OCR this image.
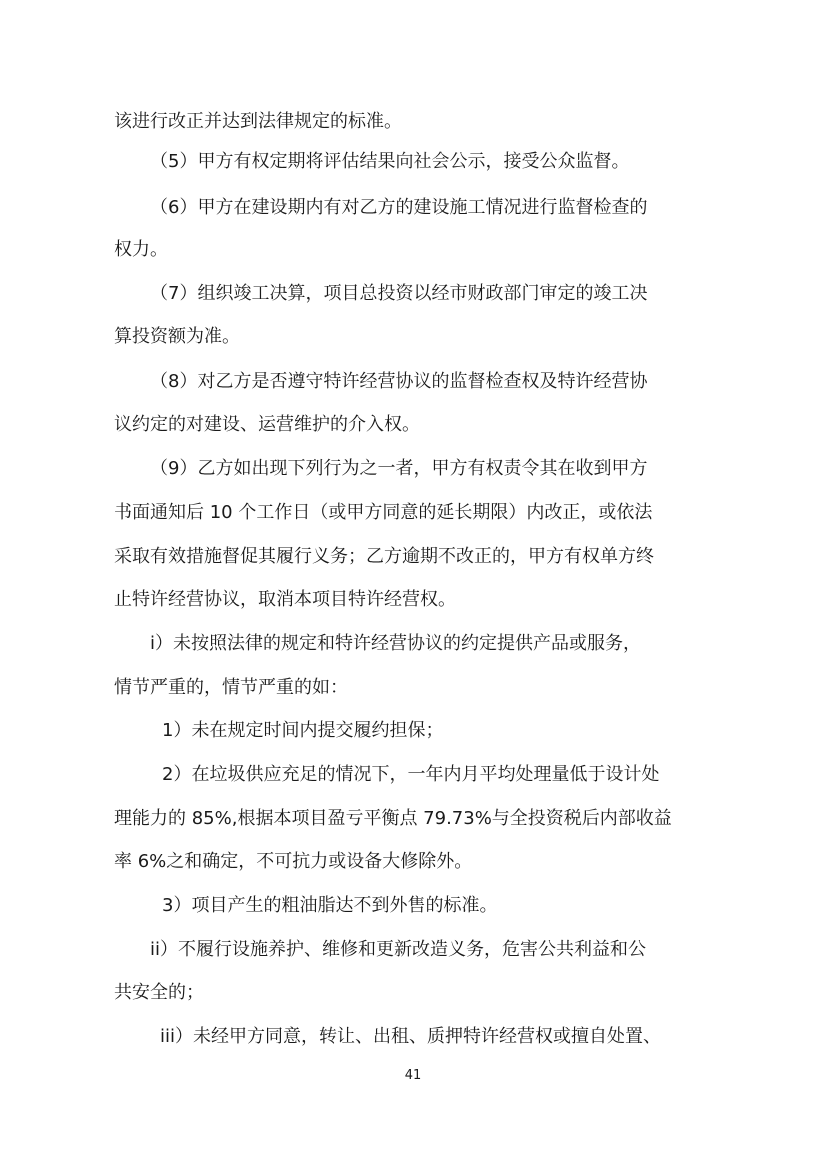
该进行改正并达到法律规定的标准。
（5）甲方有权定期将评估结果向社会公示，接受公众监督。
（6）甲方在建设期内有对乙方的建设施工情况进行监督检查的
权力。
（7）组织竣工决算，项目总投资以经市财政部门审定的竣工决
算投资额为准。
（8）对乙方是否遵守特许经营协议的监督检查权及特许经营协
议约定的对建设、运营维护的介入权。
（9）乙方如出现下列行为之一者，甲方有权责令其在收到甲方
书面通知后 10 个工作日（或甲方同意的延长期限）内改正，或依法
采取有效措施督促其履行义务；乙方逾期不改正的，甲方有权单方终
止特许经营协议，取消本项目特许经营权。
i）未按照法律的规定和特许经营协议的约定提供产品或服务，
情节严重的，情节严重的如：
1）未在规定时间内提交履约担保；
2）在垃圾供应充足的情况下，一年内月平均处理量低于设计处
理能力的 85%,根据本项目盈亏平衡点 79.73%与全投资税后内部收益
率 6%之和确定，不可抗力或设备大修除外。
3）项目产生的粗油脂达不到外售的标准。
ii）不履行设施养护、维修和更新改造义务，危害公共利益和公
共安全的；
iii）未经甲方同意，转让、出租、质押特许经营权或擅自处置、
41
